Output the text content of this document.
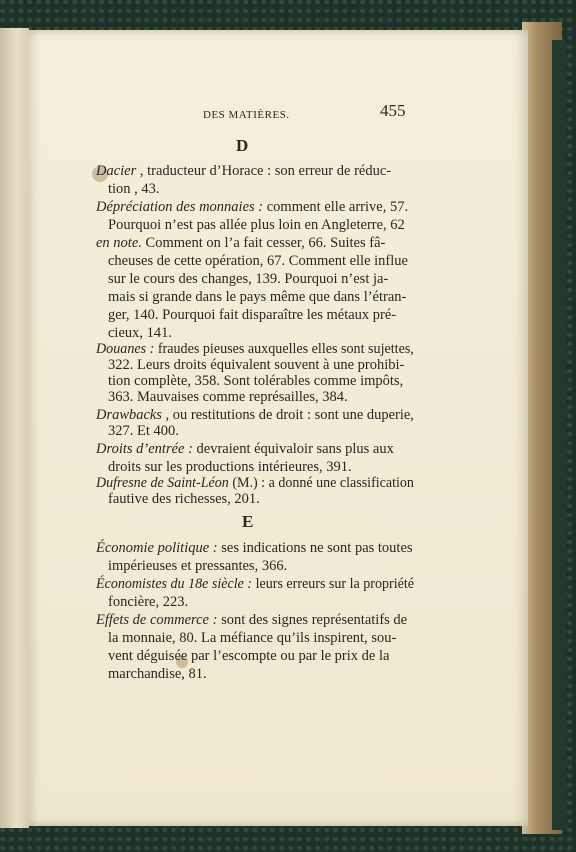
DES MATIÈRES.	455
D
E
Dacier , traducteur d’Horace : son erreur de réduc-
tion , 43.
Dépréciation des monnaies : comment elle arrive, 57.
Pourquoi n’est pas allée plus loin en Angleterre, 62
en note. Comment on l’a fait cesser, 66. Suites fâ-
cheuses de cette opération, 67. Comment elle influe
sur le cours des changes, 139. Pourquoi n’est ja-
mais si grande dans le pays même que dans l’étran-
ger, 140. Pourquoi fait disparaître les métaux pré-
cieux, 141.
Douanes : fraudes pieuses auxquelles elles sont sujettes,
322. Leurs droits équivalent souvent à une prohibi-
tion complète, 358. Sont tolérables comme impôts,
363. Mauvaises comme représailles, 384.
Drawbacks , ou restitutions de droit : sont une duperie,
327. Et 400.
Droits d’entrée : devraient équivaloir sans plus aux
droits sur les productions intérieures, 391.
Dufresne de Saint-Léon (M.) : a donné une classification
fautive des richesses, 201.
Économie politique : ses indications ne sont pas toutes
impérieuses et pressantes, 366.
Économistes du 18e siècle : leurs erreurs sur la propriété
foncière, 223.
Effets de commerce : sont des signes représentatifs de
la monnaie, 80. La méfiance qu’ils inspirent, sou-
vent déguisée par l’escompte ou par le prix de la
marchandise, 81.
